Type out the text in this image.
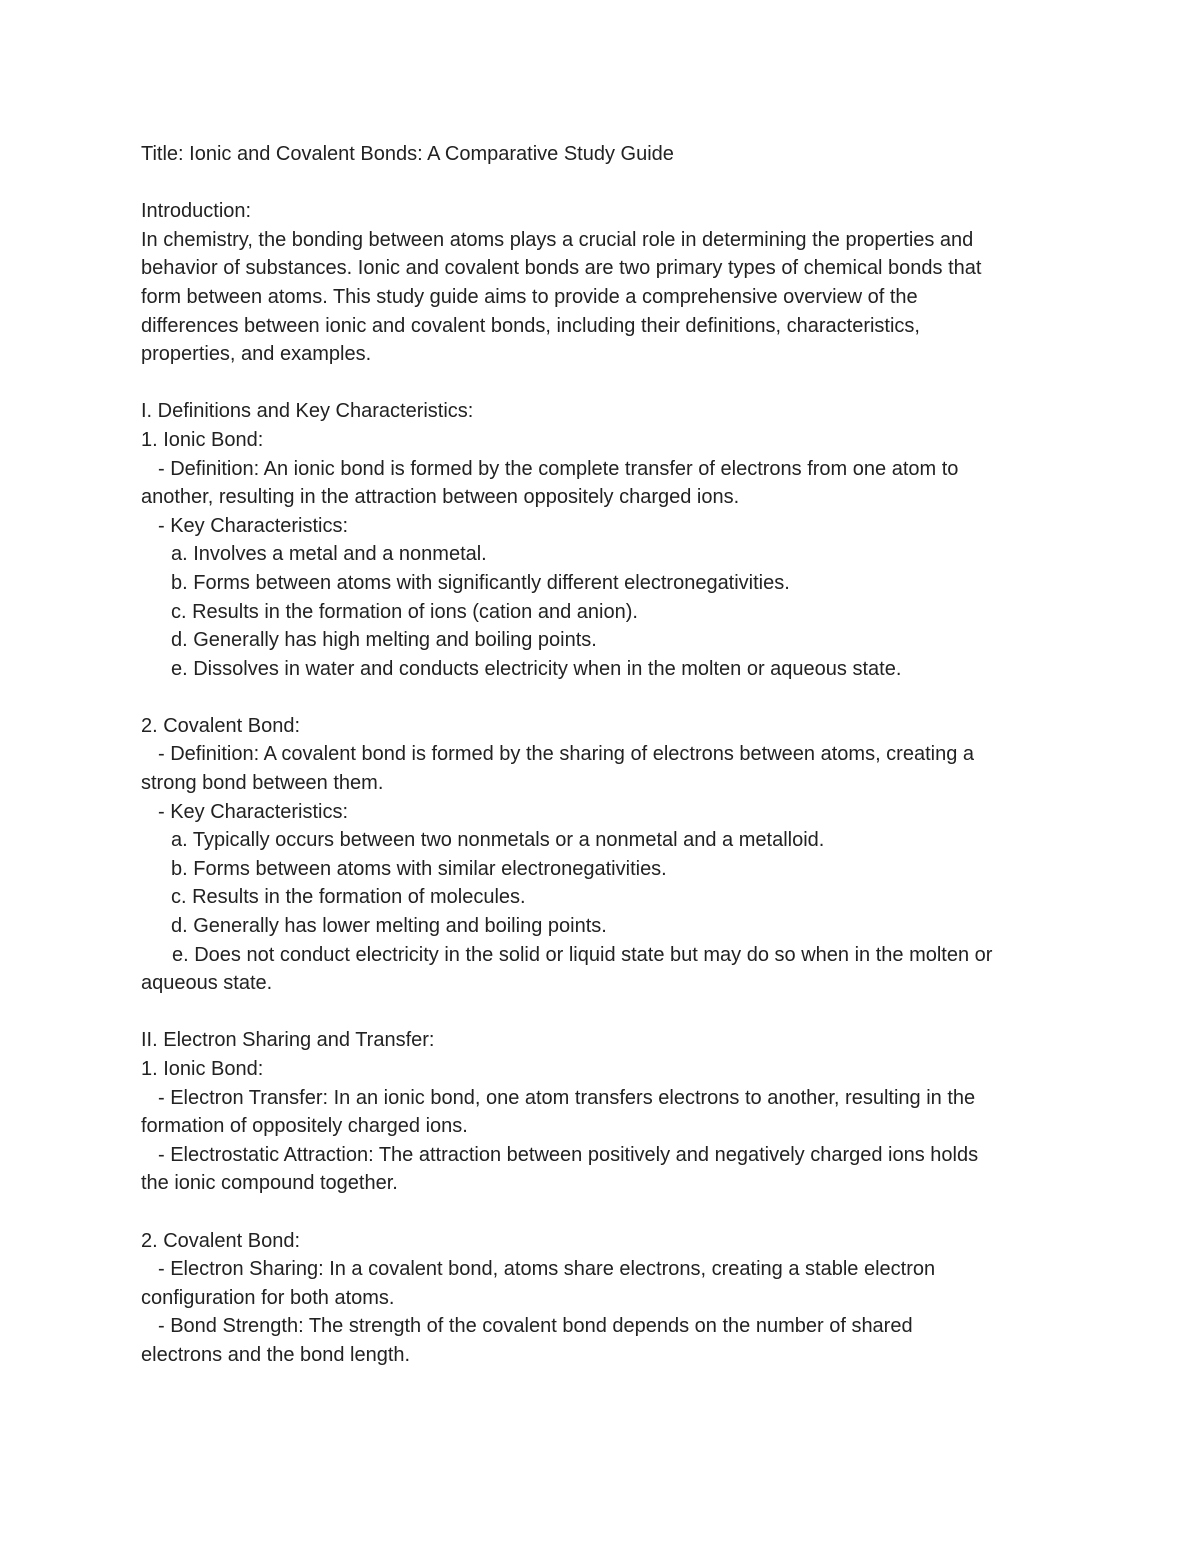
Title: Ionic and Covalent Bonds: A Comparative Study Guide
Introduction:
In chemistry, the bonding between atoms plays a crucial role in determining the properties and
behavior of substances. Ionic and covalent bonds are two primary types of chemical bonds that
form between atoms. This study guide aims to provide a comprehensive overview of the
differences between ionic and covalent bonds, including their definitions, characteristics,
properties, and examples.
I. Definitions and Key Characteristics:
1. Ionic Bond:
- Definition: An ionic bond is formed by the complete transfer of electrons from one atom to
another, resulting in the attraction between oppositely charged ions.
- Key Characteristics:
a. Involves a metal and a nonmetal.
b. Forms between atoms with significantly different electronegativities.
c. Results in the formation of ions (cation and anion).
d. Generally has high melting and boiling points.
e. Dissolves in water and conducts electricity when in the molten or aqueous state.
2. Covalent Bond:
- Definition: A covalent bond is formed by the sharing of electrons between atoms, creating a
strong bond between them.
- Key Characteristics:
a. Typically occurs between two nonmetals or a nonmetal and a metalloid.
b. Forms between atoms with similar electronegativities.
c. Results in the formation of molecules.
d. Generally has lower melting and boiling points.
e. Does not conduct electricity in the solid or liquid state but may do so when in the molten or
aqueous state.
II. Electron Sharing and Transfer:
1. Ionic Bond:
- Electron Transfer: In an ionic bond, one atom transfers electrons to another, resulting in the
formation of oppositely charged ions.
- Electrostatic Attraction: The attraction between positively and negatively charged ions holds
the ionic compound together.
2. Covalent Bond:
- Electron Sharing: In a covalent bond, atoms share electrons, creating a stable electron
configuration for both atoms.
- Bond Strength: The strength of the covalent bond depends on the number of shared
electrons and the bond length.
